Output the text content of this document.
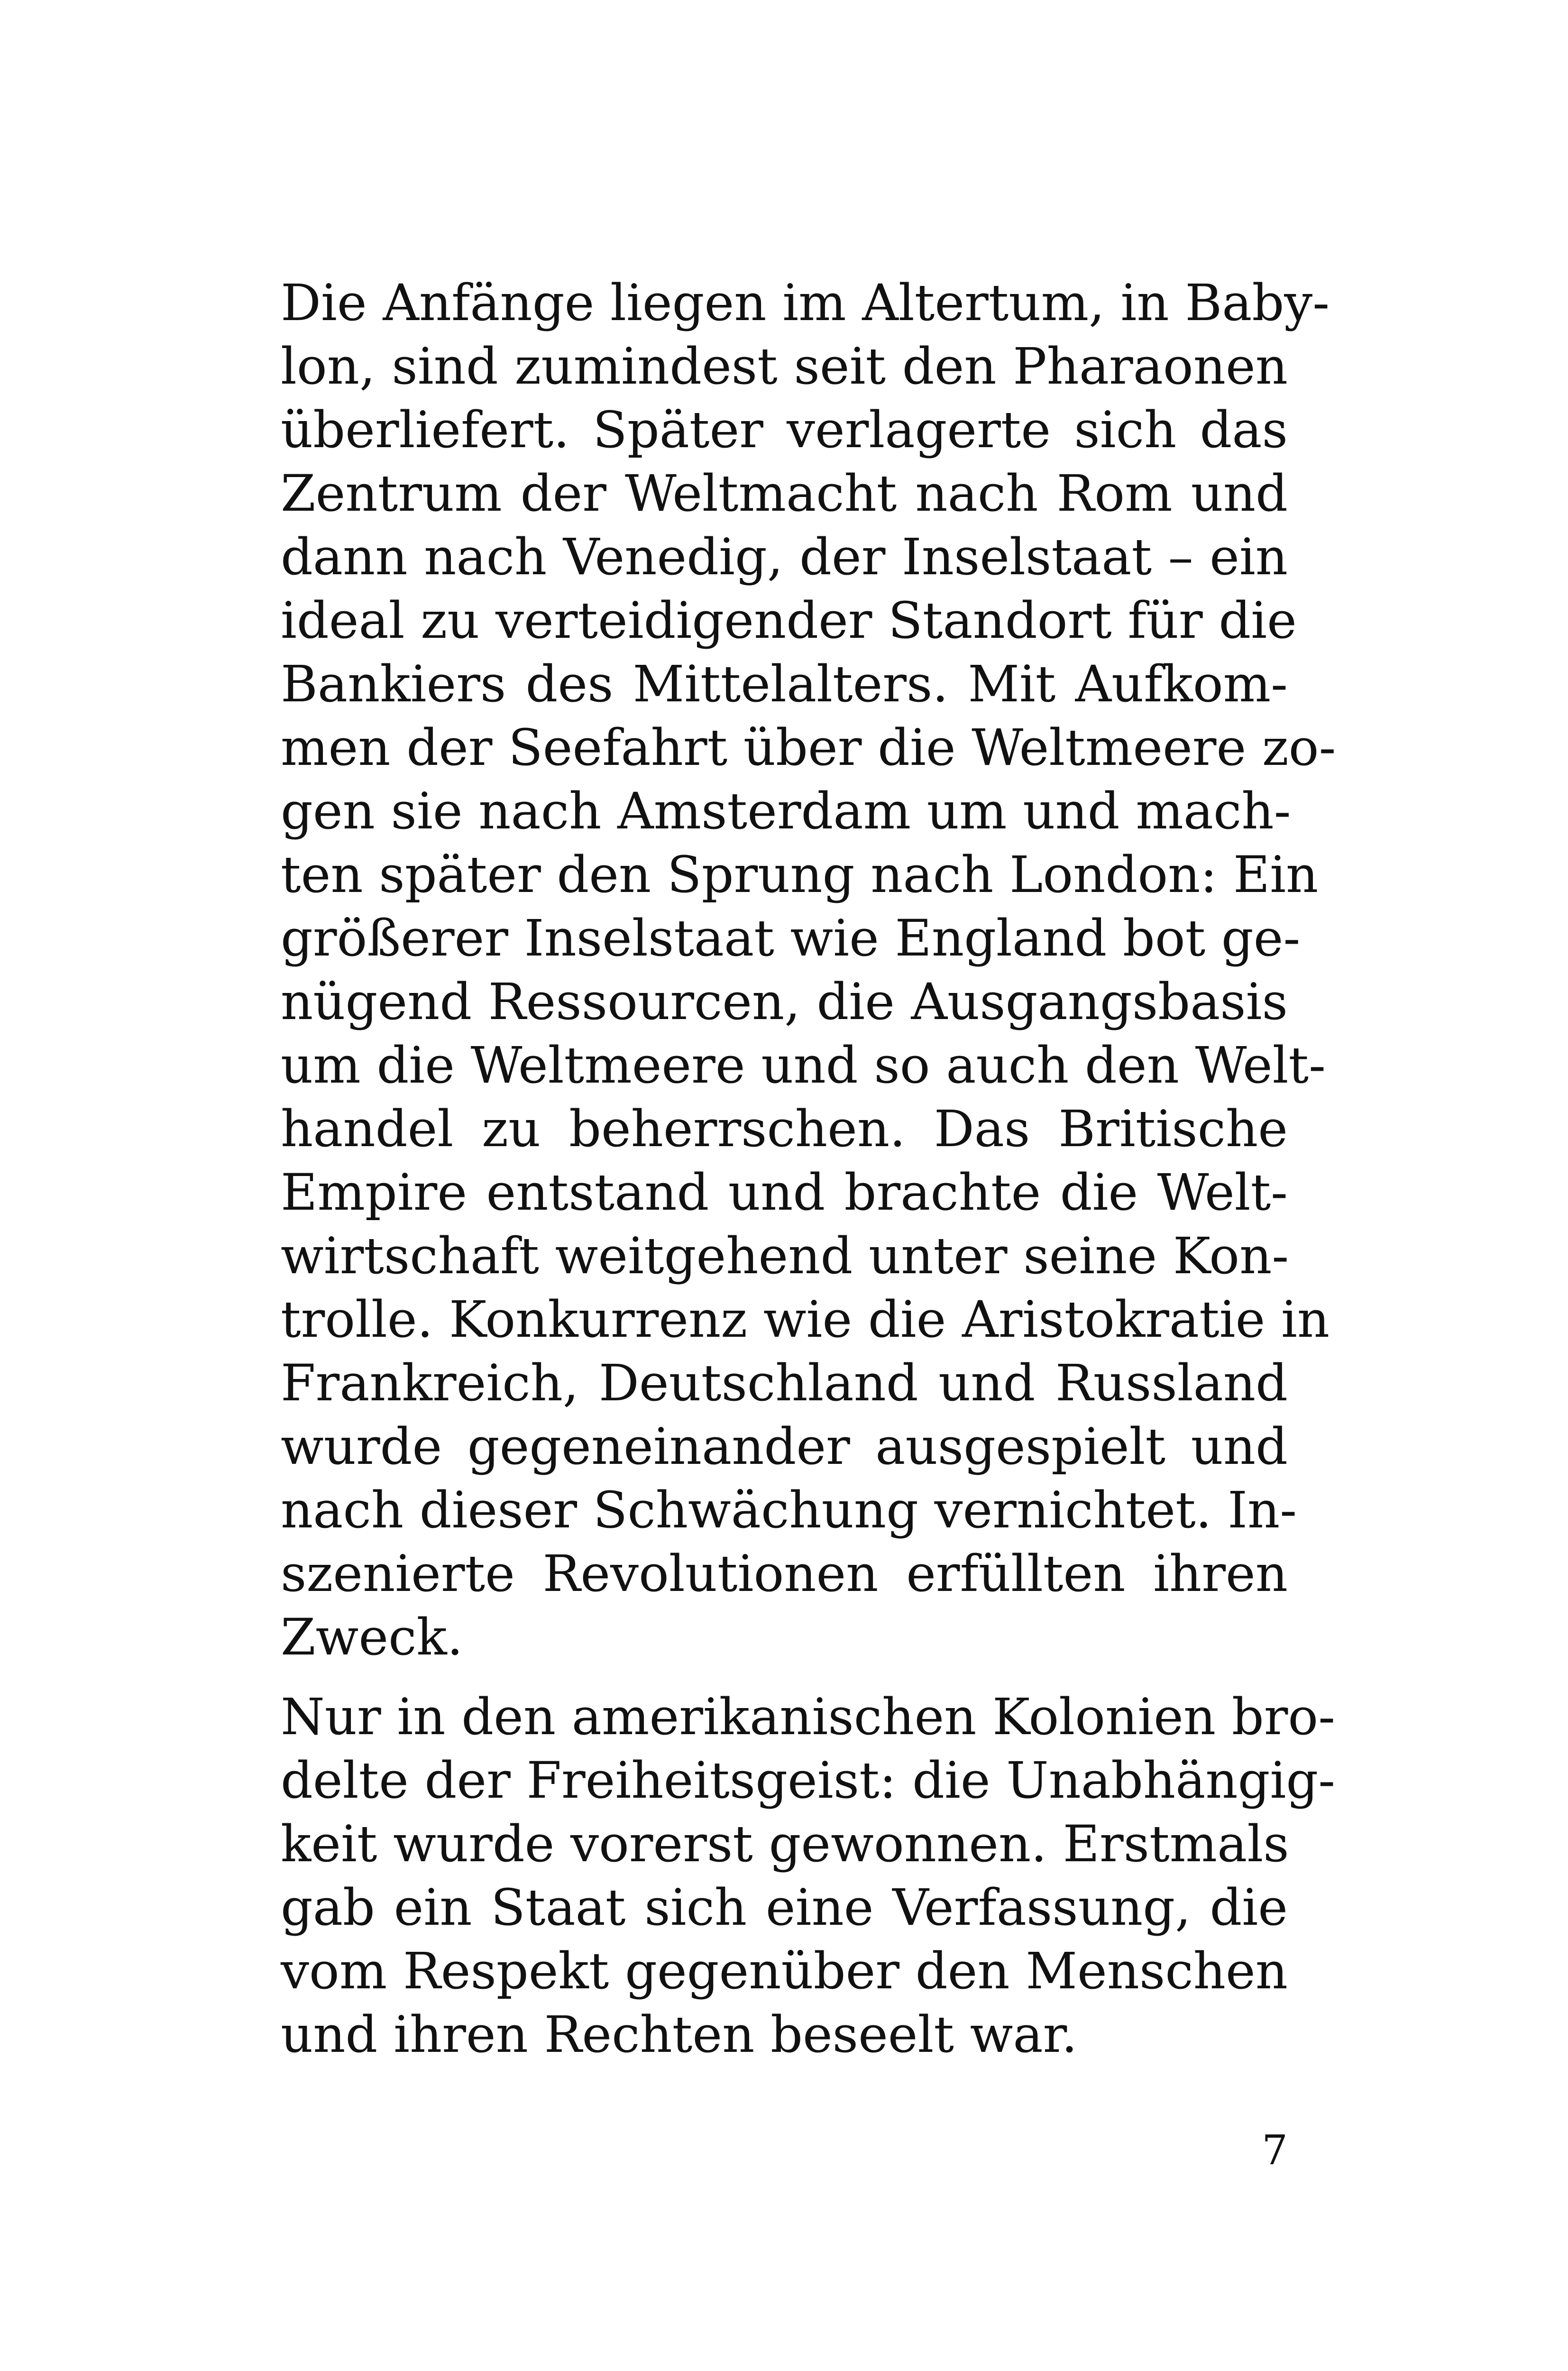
Die Anfänge liegen im Altertum, in Baby-
lon, sind zumindest seit den Pharaonen
überliefert. Später verlagerte sich das
Zentrum der Weltmacht nach Rom und
dann nach Venedig, der Inselstaat – ein
ideal zu verteidigender Standort für die
Bankiers des Mittelalters. Mit Aufkom-
men der Seefahrt über die Weltmeere zo-
gen sie nach Amsterdam um und mach-
ten später den Sprung nach London: Ein
größerer Inselstaat wie England bot ge-
nügend Ressourcen, die Ausgangsbasis
um die Weltmeere und so auch den Welt-
handel zu beherrschen. Das Britische
Empire entstand und brachte die Welt-
wirtschaft weitgehend unter seine Kon-
trolle. Konkurrenz wie die Aristokratie in
Frankreich, Deutschland und Russland
wurde gegeneinander ausgespielt und
nach dieser Schwächung vernichtet. In-
szenierte Revolutionen erfüllten ihren
Zweck.

Nur in den amerikanischen Kolonien bro-
delte der Freiheitsgeist: die Unabhängig-
keit wurde vorerst gewonnen. Erstmals
gab ein Staat sich eine Verfassung, die
vom Respekt gegenüber den Menschen
und ihren Rechten beseelt war.

7
